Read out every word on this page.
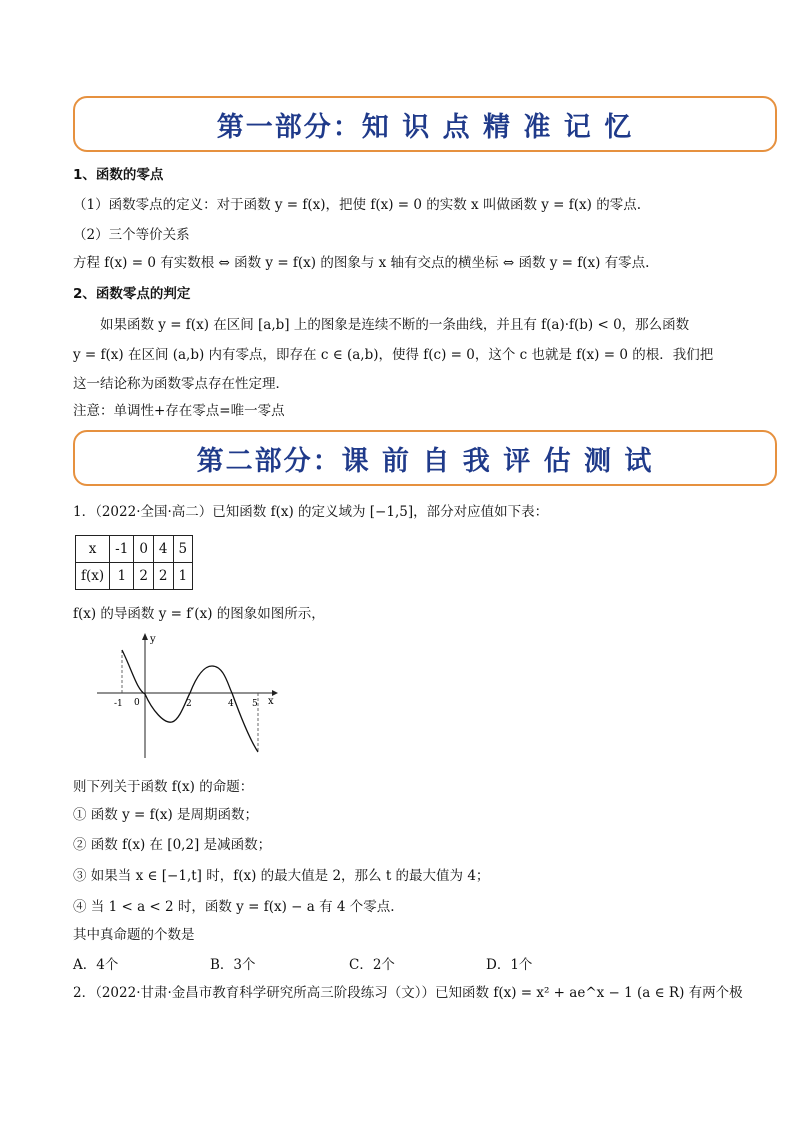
第一部分：知 识 点 精 准 记 忆
1、函数的零点
（1）函数零点的定义：对于函数 y = f(x)，把使 f(x) = 0 的实数 x 叫做函数 y = f(x) 的零点.
（2）三个等价关系
方程 f(x) = 0 有实数根 ⇔ 函数 y = f(x) 的图象与 x 轴有交点的横坐标 ⇔ 函数 y = f(x) 有零点.
2、函数零点的判定
如果函数 y = f(x) 在区间 [a,b] 上的图象是连续不断的一条曲线，并且有 f(a)·f(b) < 0，那么函数
y = f(x) 在区间 (a,b) 内有零点，即存在 c ∈ (a,b)，使得 f(c) = 0，这个 c 也就是 f(x) = 0 的根．我们把
这一结论称为函数零点存在性定理．
注意：单调性+存在零点=唯一零点
第二部分：课 前 自 我 评 估 测 试
1．（2022·全国·高二）已知函数 f(x) 的定义域为 [−1,5]，部分对应值如下表：
x	-1	0	4	5
f(x)	1	2	2	1
f(x) 的导函数 y = f′(x) 的图象如图所示，
y
x
-1 0	2	4 5
则下列关于函数 f(x) 的命题：
① 函数 y = f(x) 是周期函数；
② 函数 f(x) 在 [0,2] 是减函数；
③ 如果当 x ∈ [−1,t] 时，f(x) 的最大值是 2，那么 t 的最大值为 4；
④ 当 1 < a < 2 时，函数 y = f(x) − a 有 4 个零点.
其中真命题的个数是
A．4个	B．3个	C．2个	D．1个
2．（2022·甘肃·金昌市教育科学研究所高三阶段练习（文））已知函数 f(x) = x² + ae^x − 1 (a ∈ R) 有两个极
